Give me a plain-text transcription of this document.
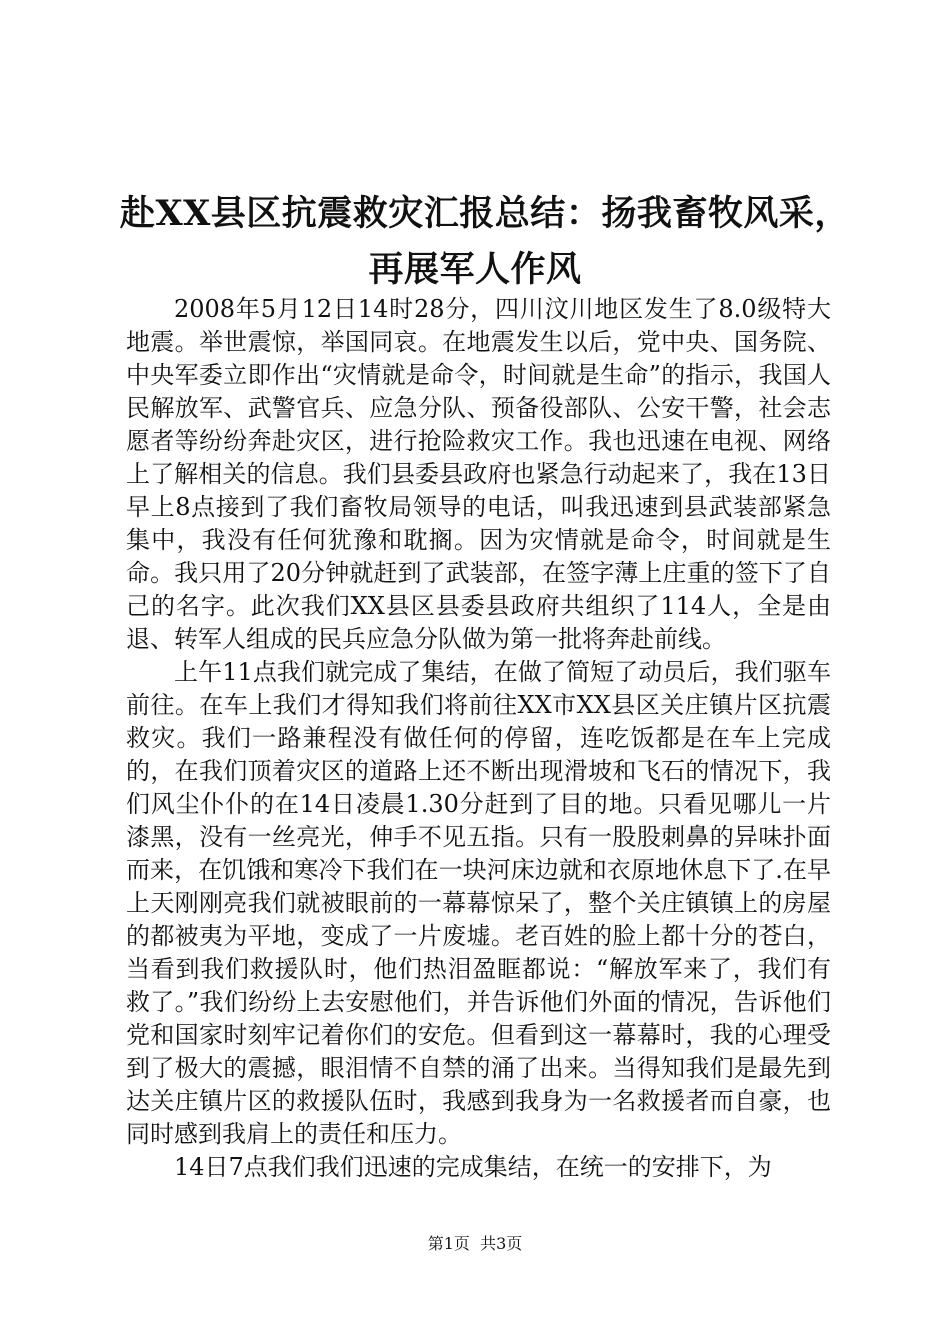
赴XX县区抗震救灾汇报总结：扬我畜牧风采，
再展军人作风

2008年5月12日14时28分，四川汶川地区发生了8.0级特大地震。举世震惊，举国同哀。在地震发生以后，党中央、国务院、中央军委立即作出“灾情就是命令，时间就是生命”的指示，我国人民解放军、武警官兵、应急分队、预备役部队、公安干警，社会志愿者等纷纷奔赴灾区，进行抢险救灾工作。我也迅速在电视、网络上了解相关的信息。我们县委县政府也紧急行动起来了，我在13日早上8点接到了我们畜牧局领导的电话，叫我迅速到县武装部紧急集中，我没有任何犹豫和耽搁。因为灾情就是命令，时间就是生命。我只用了20分钟就赶到了武装部，在签字薄上庄重的签下了自己的名字。此次我们XX县区县委县政府共组织了114人，全是由退、转军人组成的民兵应急分队做为第一批将奔赴前线。

上午11点我们就完成了集结，在做了简短了动员后，我们驱车前往。在车上我们才得知我们将前往XX市XX县区关庄镇片区抗震救灾。我们一路兼程没有做任何的停留，连吃饭都是在车上完成的，在我们顶着灾区的道路上还不断出现滑坡和飞石的情况下，我们风尘仆仆的在14日凌晨1.30分赶到了目的地。只看见哪儿一片漆黑，没有一丝亮光，伸手不见五指。只有一股股刺鼻的异味扑面而来，在饥饿和寒冷下我们在一块河床边就和衣原地休息下了.在早上天刚刚亮我们就被眼前的一幕幕惊呆了，整个关庄镇镇上的房屋的都被夷为平地，变成了一片废墟。老百姓的脸上都十分的苍白，当看到我们救援队时，他们热泪盈眶都说：“解放军来了，我们有救了。”我们纷纷上去安慰他们，并告诉他们外面的情况，告诉他们党和国家时刻牢记着你们的安危。但看到这一幕幕时，我的心理受到了极大的震撼，眼泪情不自禁的涌了出来。当得知我们是最先到达关庄镇片区的救援队伍时，我感到我身为一名救援者而自豪，也同时感到我肩上的责任和压力。

14日7点我们我们迅速的完成集结，在统一的安排下，为

第1页  共3页
